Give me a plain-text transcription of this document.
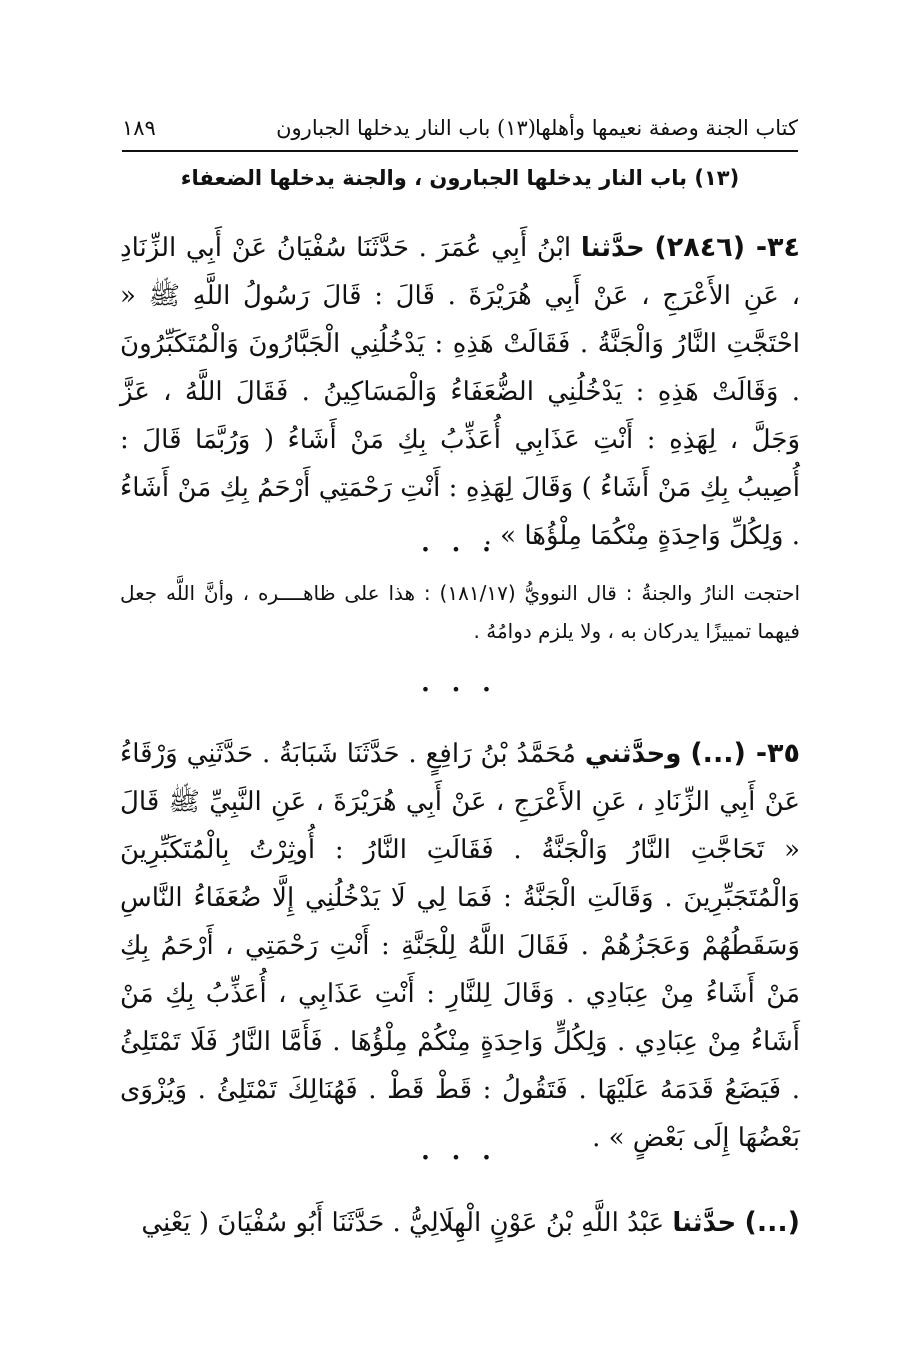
كتاب الجنة وصفة نعيمها وأهلها
(١٣) باب النار يدخلها الجبارون
١٨٩
(١٣) باب النار يدخلها الجبارون ، والجنة يدخلها الضعفاء
٣٤- (٢٨٤٦) حدَّثنا ابْنُ أَبِي عُمَرَ . حَدَّثَنَا سُفْيَانُ عَنْ أَبِي الزِّنَادِ ، عَنِ الأَعْرَجِ ، عَنْ أَبِي هُرَيْرَةَ . قَالَ : قَالَ رَسُولُ اللَّهِ ﷺ « احْتَجَّتِ النَّارُ وَالْجَنَّةُ . فَقَالَتْ هَذِهِ : يَدْخُلُنِي الْجَبَّارُونَ وَالْمُتَكَبِّرُونَ . وَقَالَتْ هَذِهِ : يَدْخُلُنِي الضُّعَفَاءُ وَالْمَسَاكِينُ . فَقَالَ اللَّهُ ، عَزَّ وَجَلَّ ، لِهَذِهِ : أَنْتِ عَذَابِي أُعَذِّبُ بِكِ مَنْ أَشَاءُ ( وَرُبَّمَا قَالَ : أُصِيبُ بِكِ مَنْ أَشَاءُ ) وَقَالَ لِهَذِهِ : أَنْتِ رَحْمَتِي أَرْحَمُ بِكِ مَنْ أَشَاءُ . وَلِكُلِّ وَاحِدَةٍ مِنْكُمَا مِلْؤُهَا » .
• • •
احتجت النارُ والجنةُ : قال النوويُّ (١٨١/١٧) : هذا على ظاهــــره ، وأنَّ اللَّه جعل فيهما تمييزًا يدركان به ، ولا يلزم دوامُهُ .
• • •
٣٥- (...) وحدَّثني مُحَمَّدُ بْنُ رَافِعٍ . حَدَّثَنَا شَبَابَةُ . حَدَّثَنِي وَرْقَاءُ عَنْ أَبِي الزِّنَادِ ، عَنِ الأَعْرَجِ ، عَنْ أَبِي هُرَيْرَةَ ، عَنِ النَّبِيِّ ﷺ قَالَ « تَحَاجَّتِ النَّارُ وَالْجَنَّةُ . فَقَالَتِ النَّارُ : أُوثِرْتُ بِالْمُتَكَبِّرِينَ وَالْمُتَجَبِّرِينَ . وَقَالَتِ الْجَنَّةُ : فَمَا لِي لَا يَدْخُلُنِي إِلَّا ضُعَفَاءُ النَّاسِ وَسَقَطُهُمْ وَعَجَزُهُمْ . فَقَالَ اللَّهُ لِلْجَنَّةِ : أَنْتِ رَحْمَتِي ، أَرْحَمُ بِكِ مَنْ أَشَاءُ مِنْ عِبَادِي . وَقَالَ لِلنَّارِ : أَنْتِ عَذَابِي ، أُعَذِّبُ بِكِ مَنْ أَشَاءُ مِنْ عِبَادِي . وَلِكُلٍّ وَاحِدَةٍ مِنْكُمْ مِلْؤُهَا . فَأَمَّا النَّارُ فَلَا تَمْتَلِئُ . فَيَضَعُ قَدَمَهُ عَلَيْهَا . فَتَقُولُ : قَطْ قَطْ . فَهُنَالِكَ تَمْتَلِئُ . وَيُزْوَى بَعْضُهَا إِلَى بَعْضٍ » .
• • •
(...) حدَّثنا عَبْدُ اللَّهِ بْنُ عَوْنٍ الْهِلَالِيُّ . حَدَّثَنَا أَبُو سُفْيَانَ ( يَعْنِي
